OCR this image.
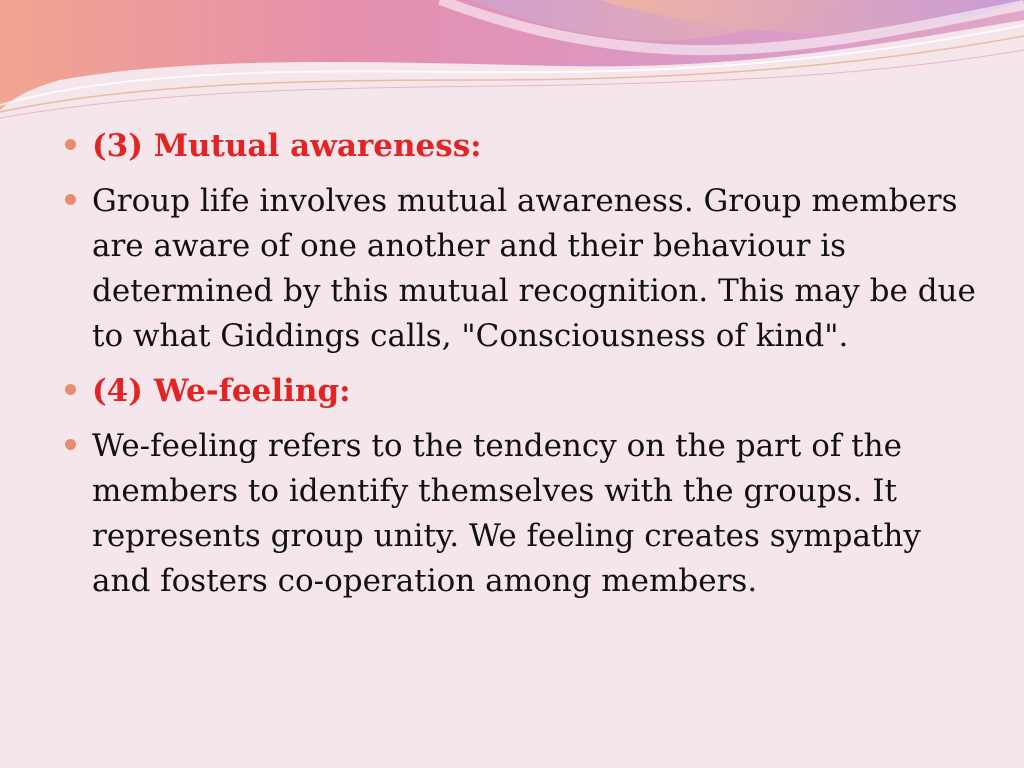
(3) Mutual awareness:
Group life involves mutual awareness. Group members are aware of one another and their behaviour is determined by this mutual recognition. This may be due to what Giddings calls, "Consciousness of kind".
(4) We-feeling:
We-feeling refers to the tendency on the part of the members to identify themselves with the groups. It represents group unity. We feeling creates sympathy and fosters co-operation among members.
